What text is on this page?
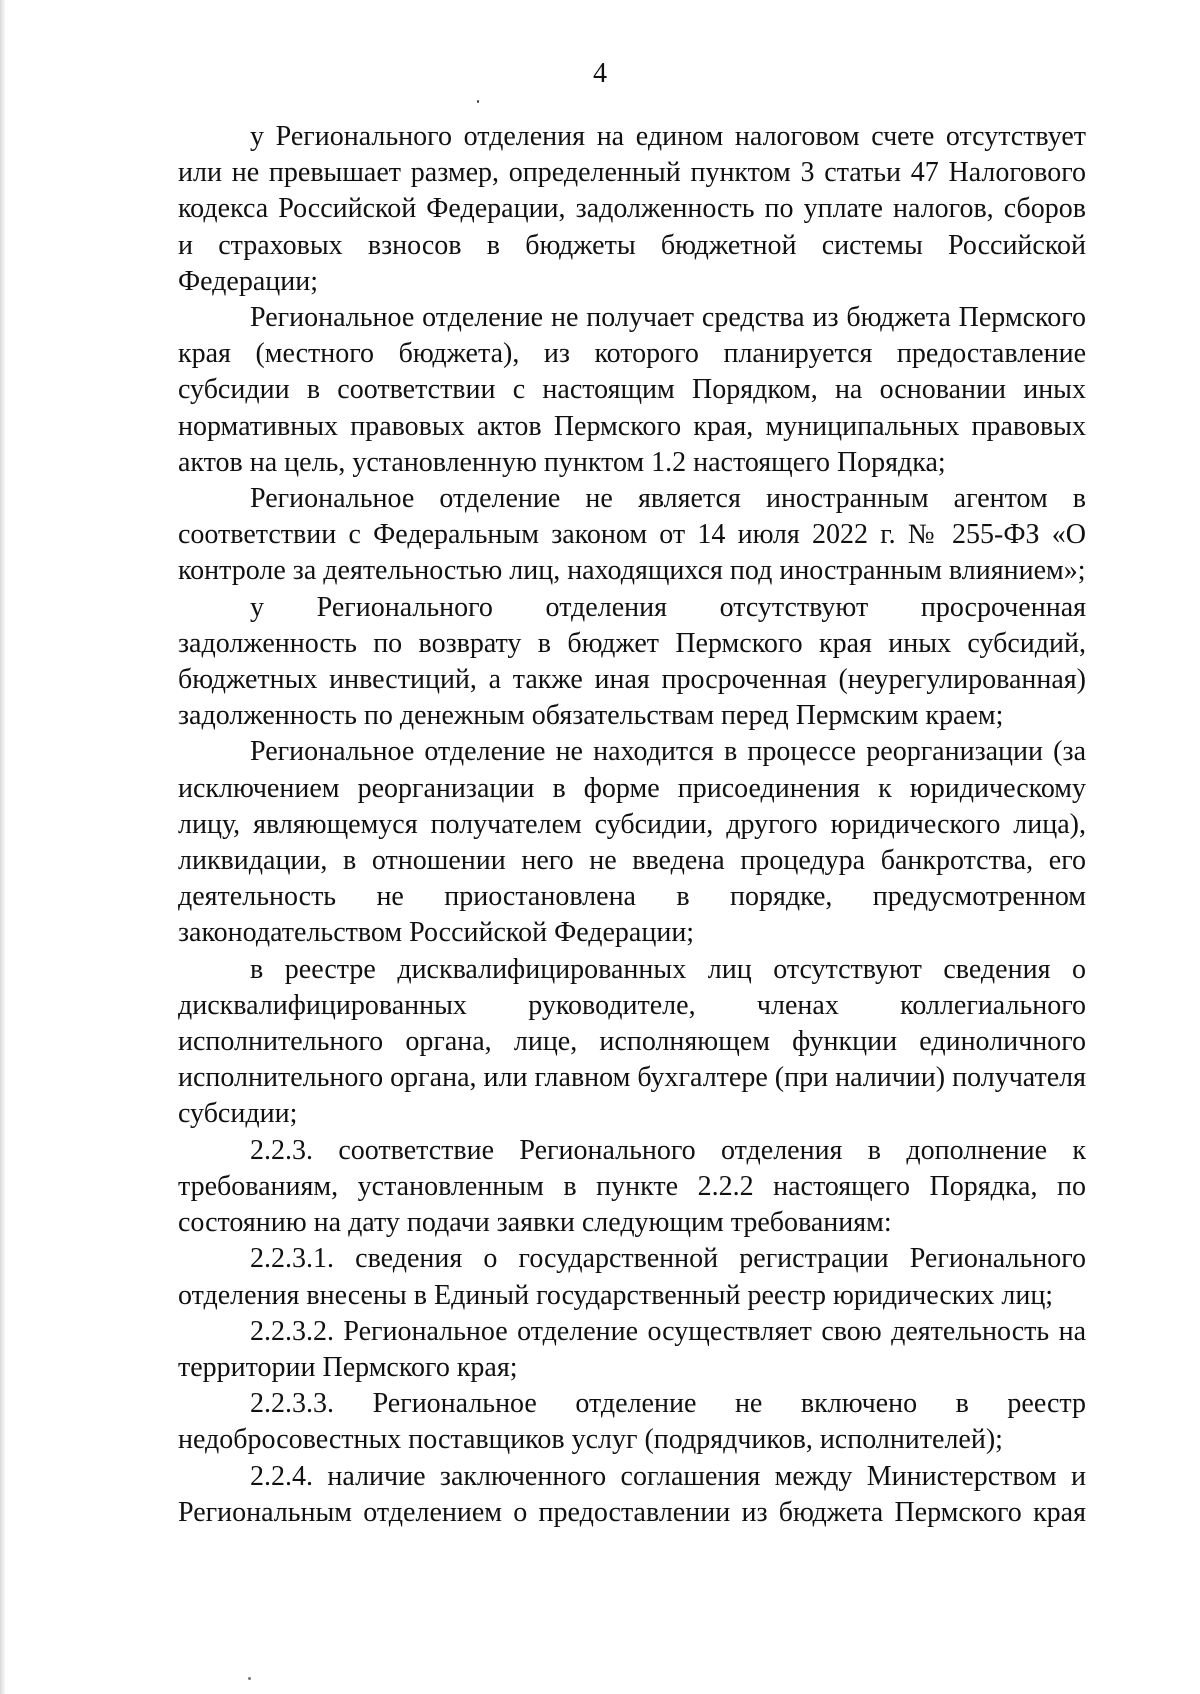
4

у Регионального отделения на едином налоговом счете отсутствует или не превышает размер, определенный пунктом 3 статьи 47 Налогового кодекса Российской Федерации, задолженность по уплате налогов, сборов и страховых взносов в бюджеты бюджетной системы Российской Федерации;

Региональное отделение не получает средства из бюджета Пермского края (местного бюджета), из которого планируется предоставление субсидии в соответствии с настоящим Порядком, на основании иных нормативных правовых актов Пермского края, муниципальных правовых актов на цель, установленную пунктом 1.2 настоящего Порядка;

Региональное отделение не является иностранным агентом в соответствии с Федеральным законом от 14 июля 2022 г. № 255-ФЗ «О контроле за деятельностью лиц, находящихся под иностранным влиянием»;

у Регионального отделения отсутствуют просроченная задолженность по возврату в бюджет Пермского края иных субсидий, бюджетных инвестиций, а также иная просроченная (неурегулированная) задолженность по денежным обязательствам перед Пермским краем;

Региональное отделение не находится в процессе реорганизации (за исключением реорганизации в форме присоединения к юридическому лицу, являющемуся получателем субсидии, другого юридического лица), ликвидации, в отношении него не введена процедура банкротства, его деятельность не приостановлена в порядке, предусмотренном законодательством Российской Федерации;

в реестре дисквалифицированных лиц отсутствуют сведения о дисквалифицированных руководителе, членах коллегиального исполнительного органа, лице, исполняющем функции единоличного исполнительного органа, или главном бухгалтере (при наличии) получателя субсидии;

2.2.3. соответствие Регионального отделения в дополнение к требованиям, установленным в пункте 2.2.2 настоящего Порядка, по состоянию на дату подачи заявки следующим требованиям:

2.2.3.1. сведения о государственной регистрации Регионального отделения внесены в Единый государственный реестр юридических лиц;

2.2.3.2. Региональное отделение осуществляет свою деятельность на территории Пермского края;

2.2.3.3. Региональное отделение не включено в реестр недобросовестных поставщиков услуг (подрядчиков, исполнителей);

2.2.4. наличие заключенного соглашения между Министерством и Региональным отделением о предоставлении из бюджета Пермского края
